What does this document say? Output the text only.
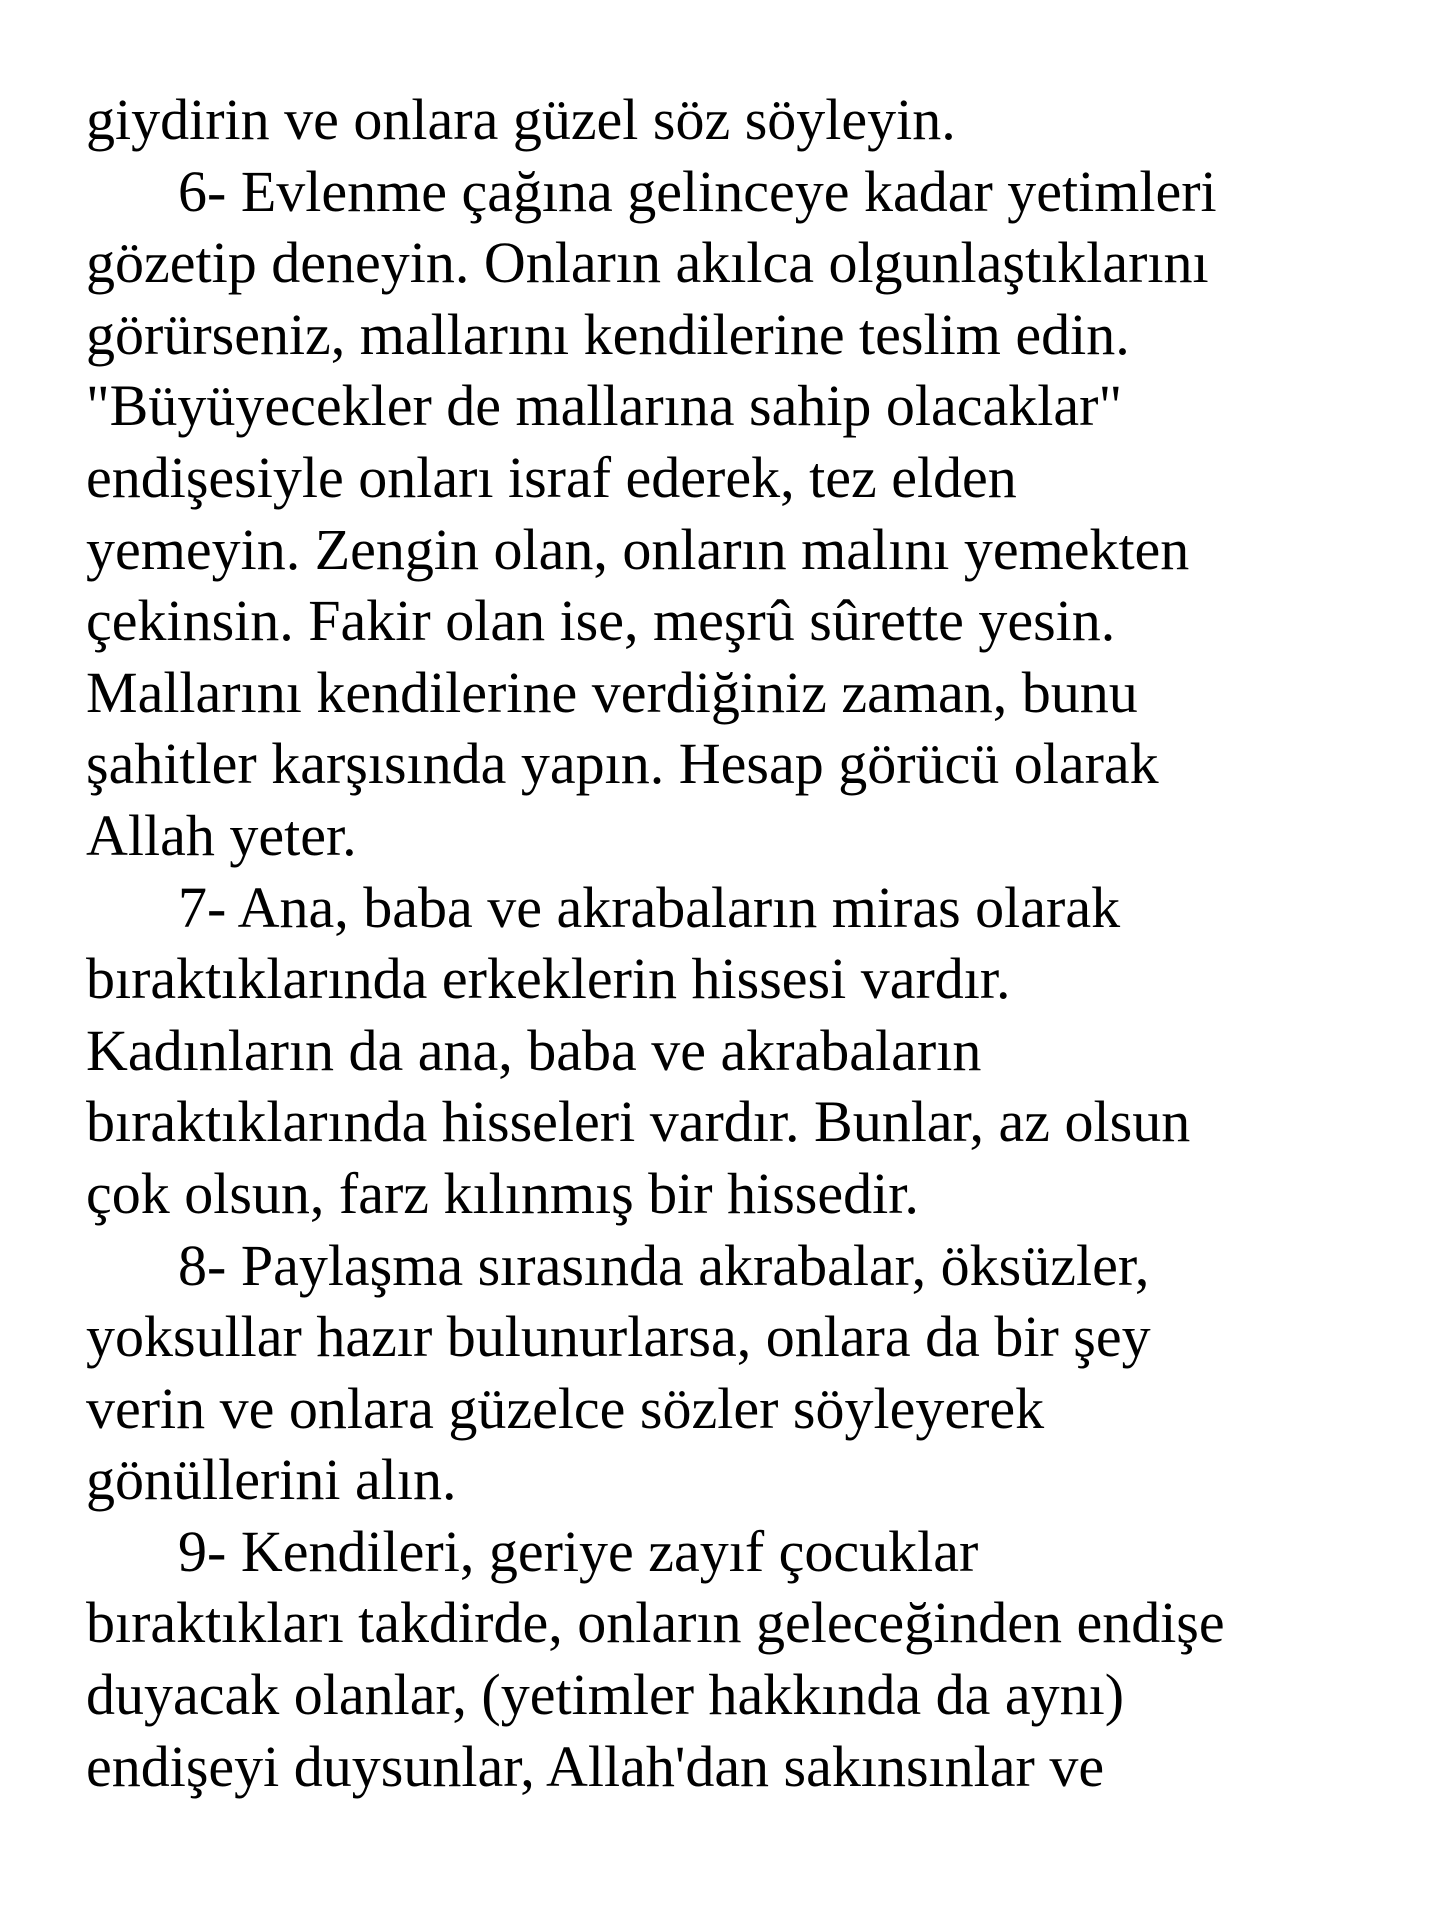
giydirin ve onlara güzel söz söyleyin.
6- Evlenme çağına gelinceye kadar yetimleri
gözetip deneyin. Onların akılca olgunlaştıklarını
görürseniz, mallarını kendilerine teslim edin.
"Büyüyecekler de mallarına sahip olacaklar"
endişesiyle onları israf ederek, tez elden
yemeyin. Zengin olan, onların malını yemekten
çekinsin. Fakir olan ise, meşrû sûrette yesin.
Mallarını kendilerine verdiğiniz zaman, bunu
şahitler karşısında yapın. Hesap görücü olarak
Allah yeter.
7- Ana, baba ve akrabaların miras olarak
bıraktıklarında erkeklerin hissesi vardır.
Kadınların da ana, baba ve akrabaların
bıraktıklarında hisseleri vardır. Bunlar, az olsun
çok olsun, farz kılınmış bir hissedir.
8- Paylaşma sırasında akrabalar, öksüzler,
yoksullar hazır bulunurlarsa, onlara da bir şey
verin ve onlara güzelce sözler söyleyerek
gönüllerini alın.
9- Kendileri, geriye zayıf çocuklar
bıraktıkları takdirde, onların geleceğinden endişe
duyacak olanlar, (yetimler hakkında da aynı)
endişeyi duysunlar, Allah'dan sakınsınlar ve
